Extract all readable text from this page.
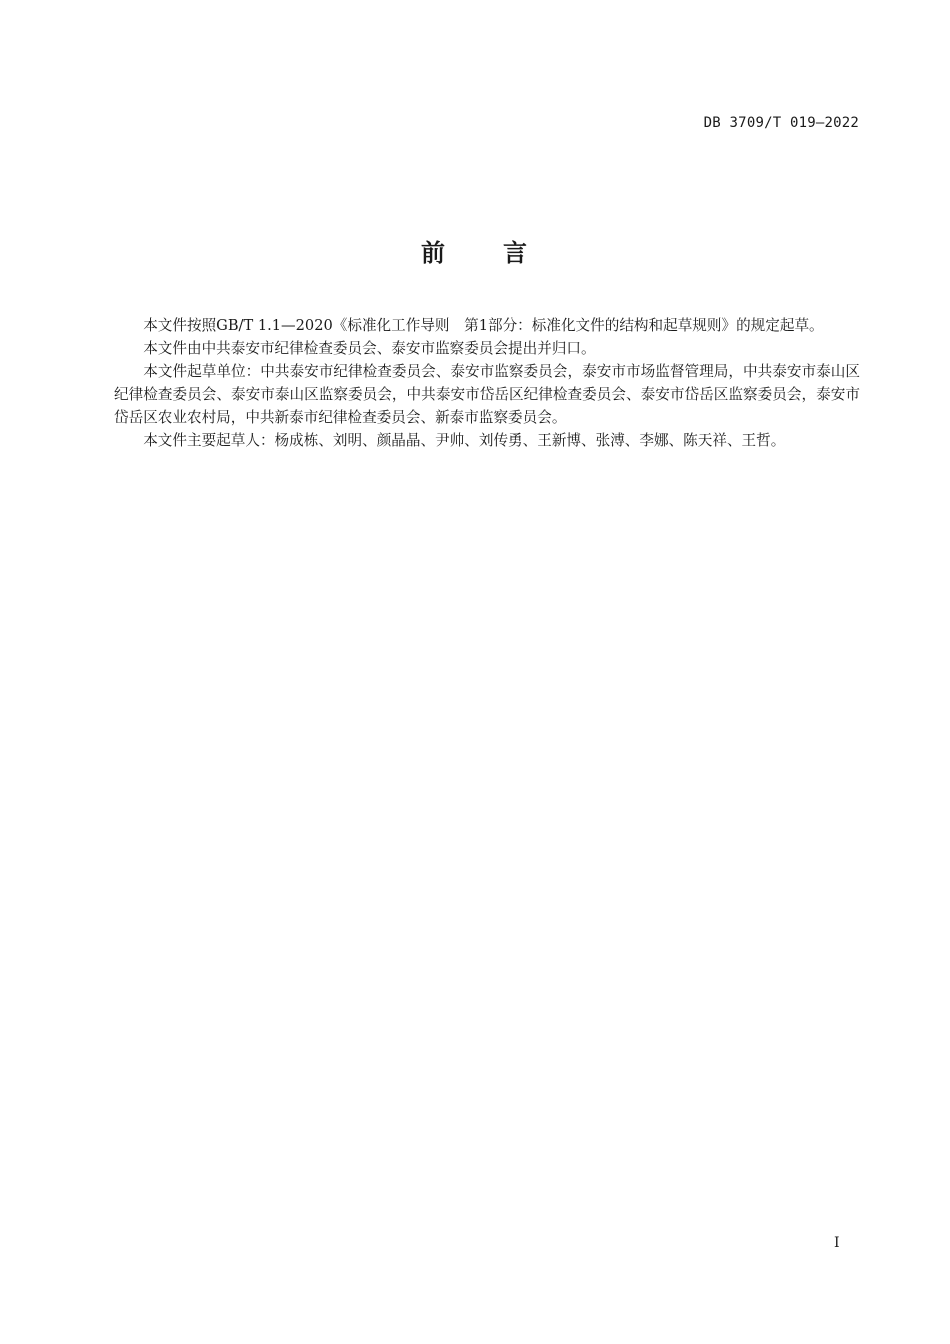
DB 3709/T 019—2022
前 言

本文件按照GB/T 1.1—2020《标准化工作导则　第1部分：标准化文件的结构和起草规则》的规定起草。

本文件由中共泰安市纪律检查委员会、泰安市监察委员会提出并归口。

本文件起草单位：中共泰安市纪律检查委员会、泰安市监察委员会，泰安市市场监督管理局，中共泰安市泰山区纪律检查委员会、泰安市泰山区监察委员会，中共泰安市岱岳区纪律检查委员会、泰安市岱岳区监察委员会，泰安市岱岳区农业农村局，中共新泰市纪律检查委员会、新泰市监察委员会。

本文件主要起草人：杨成栋、刘明、颜晶晶、尹帅、刘传勇、王新博、张溥、李娜、陈天祥、王哲。

I
